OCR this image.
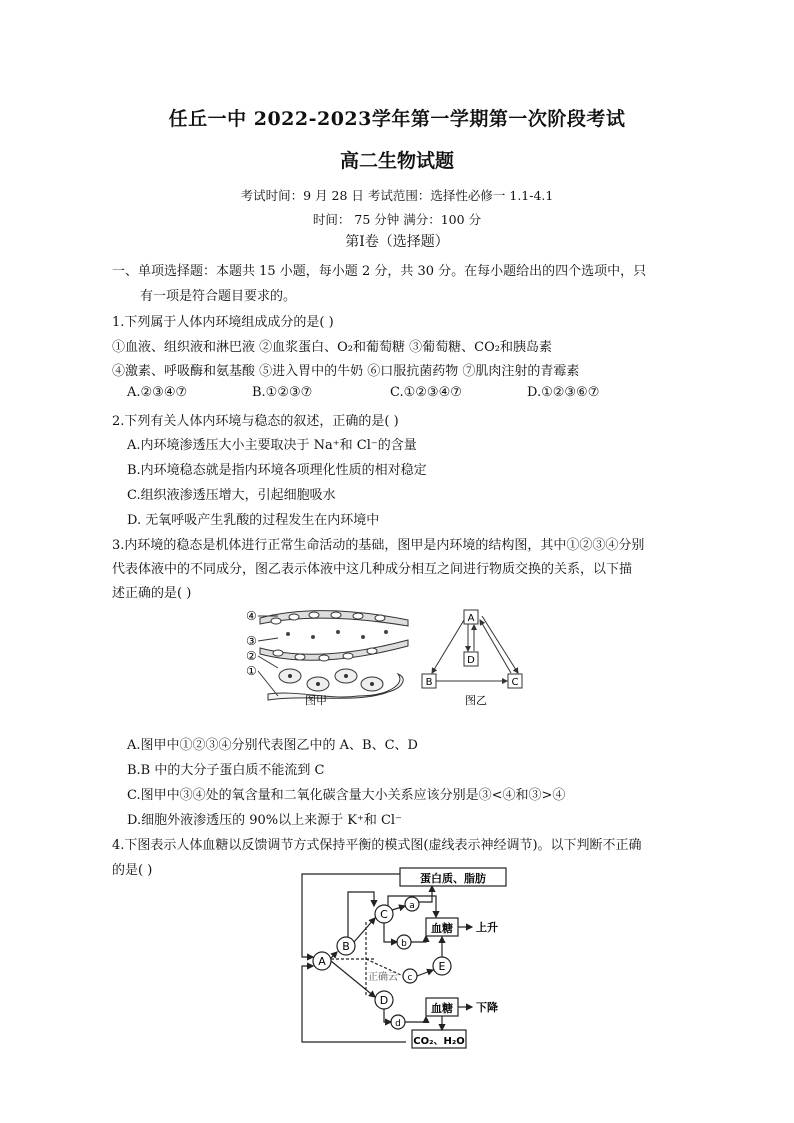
任丘一中 2022-2023学年第一学期第一次阶段考试
高二生物试题
考试时间：9 月 28 日 考试范围：选择性必修一 1.1-4.1
时间： 75 分钟 满分：100 分
第Ⅰ卷（选择题）
一、单项选择题：本题共 15 小题，每小题 2 分，共 30 分。在每小题给出的四个选项中，只
有一项是符合题目要求的。
1.下列属于人体内环境组成成分的是( )
①血液、组织液和淋巴液 ②血浆蛋白、O₂和葡萄糖 ③葡萄糖、CO₂和胰岛素
④激素、呼吸酶和氨基酸 ⑤进入胃中的牛奶 ⑥口服抗菌药物 ⑦肌肉注射的青霉素
A.②③④⑦	B.①②③⑦	C.①②③④⑦	D.①②③⑥⑦
2.下列有关人体内环境与稳态的叙述，正确的是( )
A.内环境渗透压大小主要取决于 Na⁺和 Cl⁻的含量
B.内环境稳态就是指内环境各项理化性质的相对稳定
C.组织液渗透压增大，引起细胞吸水
D. 无氧呼吸产生乳酸的过程发生在内环境中
3.内环境的稳态是机体进行正常生命活动的基础，图甲是内环境的结构图，其中①②③④分别
代表体液中的不同成分，图乙表示体液中这几种成分相互之间进行物质交换的关系，以下描
述正确的是( )
④
③
②
①
图甲
A
D
B	C
图乙
A.图甲中①②③④分别代表图乙中的 A、B、C、D
B.B 中的大分子蛋白质不能流到 C
C.图甲中③④处的氧含量和二氧化碳含量大小关系应该分别是③<④和③>④
D.细胞外液渗透压的 90%以上来源于 K⁺和 Cl⁻
4.下图表示人体血糖以反馈调节方式保持平衡的模式图(虚线表示神经调节)。以下判断不正确
的是( )
蛋白质、脂肪
血糖 上升
血糖 下降
CO₂、H₂O
A
B
C
D
E
a
b
c
d
正确云
